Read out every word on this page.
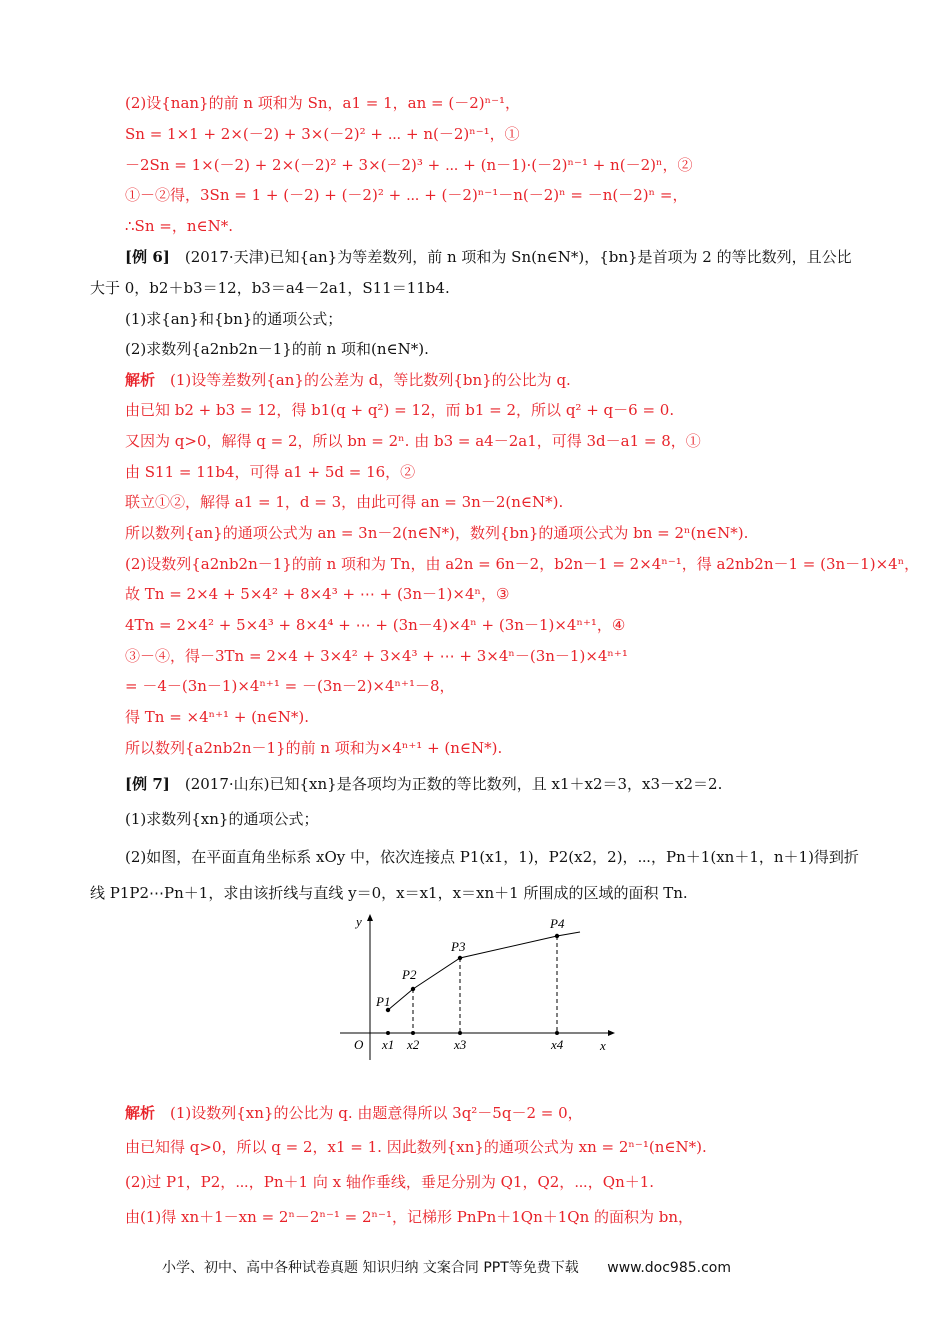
(2)设{nan}的前 n 项和为 Sn，a1 = 1，an = (－2)ⁿ⁻¹，
Sn = 1×1 + 2×(－2) + 3×(－2)² + ⋯ + n(－2)ⁿ⁻¹，①
－2Sn = 1×(－2) + 2×(－2)² + 3×(－2)³ + ⋯ + (n－1)·(－2)ⁿ⁻¹ + n(－2)ⁿ，②
①－②得，3Sn = 1 + (－2) + (－2)² + ⋯ + (－2)ⁿ⁻¹－n(－2)ⁿ = －n(－2)ⁿ =，
∴Sn =，n∈N*.
[例 6]　(2017·天津)已知{an}为等差数列，前 n 项和为 Sn(n∈N*)，{bn}是首项为 2 的等比数列，且公比
大于 0，b2＋b3＝12，b3＝a4－2a1，S11＝11b4.
(1)求{an}和{bn}的通项公式；
(2)求数列{a2nb2n－1}的前 n 项和(n∈N*).
解析　(1)设等差数列{an}的公差为 d，等比数列{bn}的公比为 q.
由已知 b2 + b3 = 12，得 b1(q + q²) = 12，而 b1 = 2，所以 q² + q－6 = 0.
又因为 q>0，解得 q = 2，所以 bn = 2ⁿ. 由 b3 = a4－2a1，可得 3d－a1 = 8，①
由 S11 = 11b4，可得 a1 + 5d = 16，②
联立①②，解得 a1 = 1，d = 3，由此可得 an = 3n－2(n∈N*).
所以数列{an}的通项公式为 an = 3n－2(n∈N*)，数列{bn}的通项公式为 bn = 2ⁿ(n∈N*).
(2)设数列{a2nb2n－1}的前 n 项和为 Tn，由 a2n = 6n－2，b2n－1 = 2×4ⁿ⁻¹，得 a2nb2n－1 = (3n－1)×4ⁿ，
故 Tn = 2×4 + 5×4² + 8×4³ + ⋯ + (3n－1)×4ⁿ，③
4Tn = 2×4² + 5×4³ + 8×4⁴ + ⋯ + (3n－4)×4ⁿ + (3n－1)×4ⁿ⁺¹，④
③－④，得－3Tn = 2×4 + 3×4² + 3×4³ + ⋯ + 3×4ⁿ－(3n－1)×4ⁿ⁺¹
= －4－(3n－1)×4ⁿ⁺¹ = －(3n－2)×4ⁿ⁺¹－8，
得 Tn = ×4ⁿ⁺¹ + (n∈N*).
所以数列{a2nb2n－1}的前 n 项和为×4ⁿ⁺¹ + (n∈N*).
[例 7]　(2017·山东)已知{xn}是各项均为正数的等比数列，且 x1＋x2＝3，x3－x2＝2.
(1)求数列{xn}的通项公式；
(2)如图，在平面直角坐标系 xOy 中，依次连接点 P1(x1，1)，P2(x2，2)，⋯，Pn＋1(xn＋1，n＋1)得到折
线 P1P2⋯Pn＋1，求由该折线与直线 y＝0，x＝x1，x＝xn＋1 所围成的区域的面积 Tn.
解析　(1)设数列{xn}的公比为 q. 由题意得所以 3q²－5q－2 = 0，
由已知得 q>0，所以 q = 2，x1 = 1. 因此数列{xn}的通项公式为 xn = 2ⁿ⁻¹(n∈N*).
(2)过 P1，P2，⋯，Pn＋1 向 x 轴作垂线，垂足分别为 Q1，Q2，⋯，Qn＋1.
由(1)得 xn＋1－xn = 2ⁿ－2ⁿ⁻¹ = 2ⁿ⁻¹，记梯形 PnPn＋1Qn＋1Qn 的面积为 bn，
y
x
O
P1
P2
P3
P4
x1 x2	x3	x4
小学、初中、高中各种试卷真题 知识归纳 文案合同 PPT等免费下载 www.doc985.com
